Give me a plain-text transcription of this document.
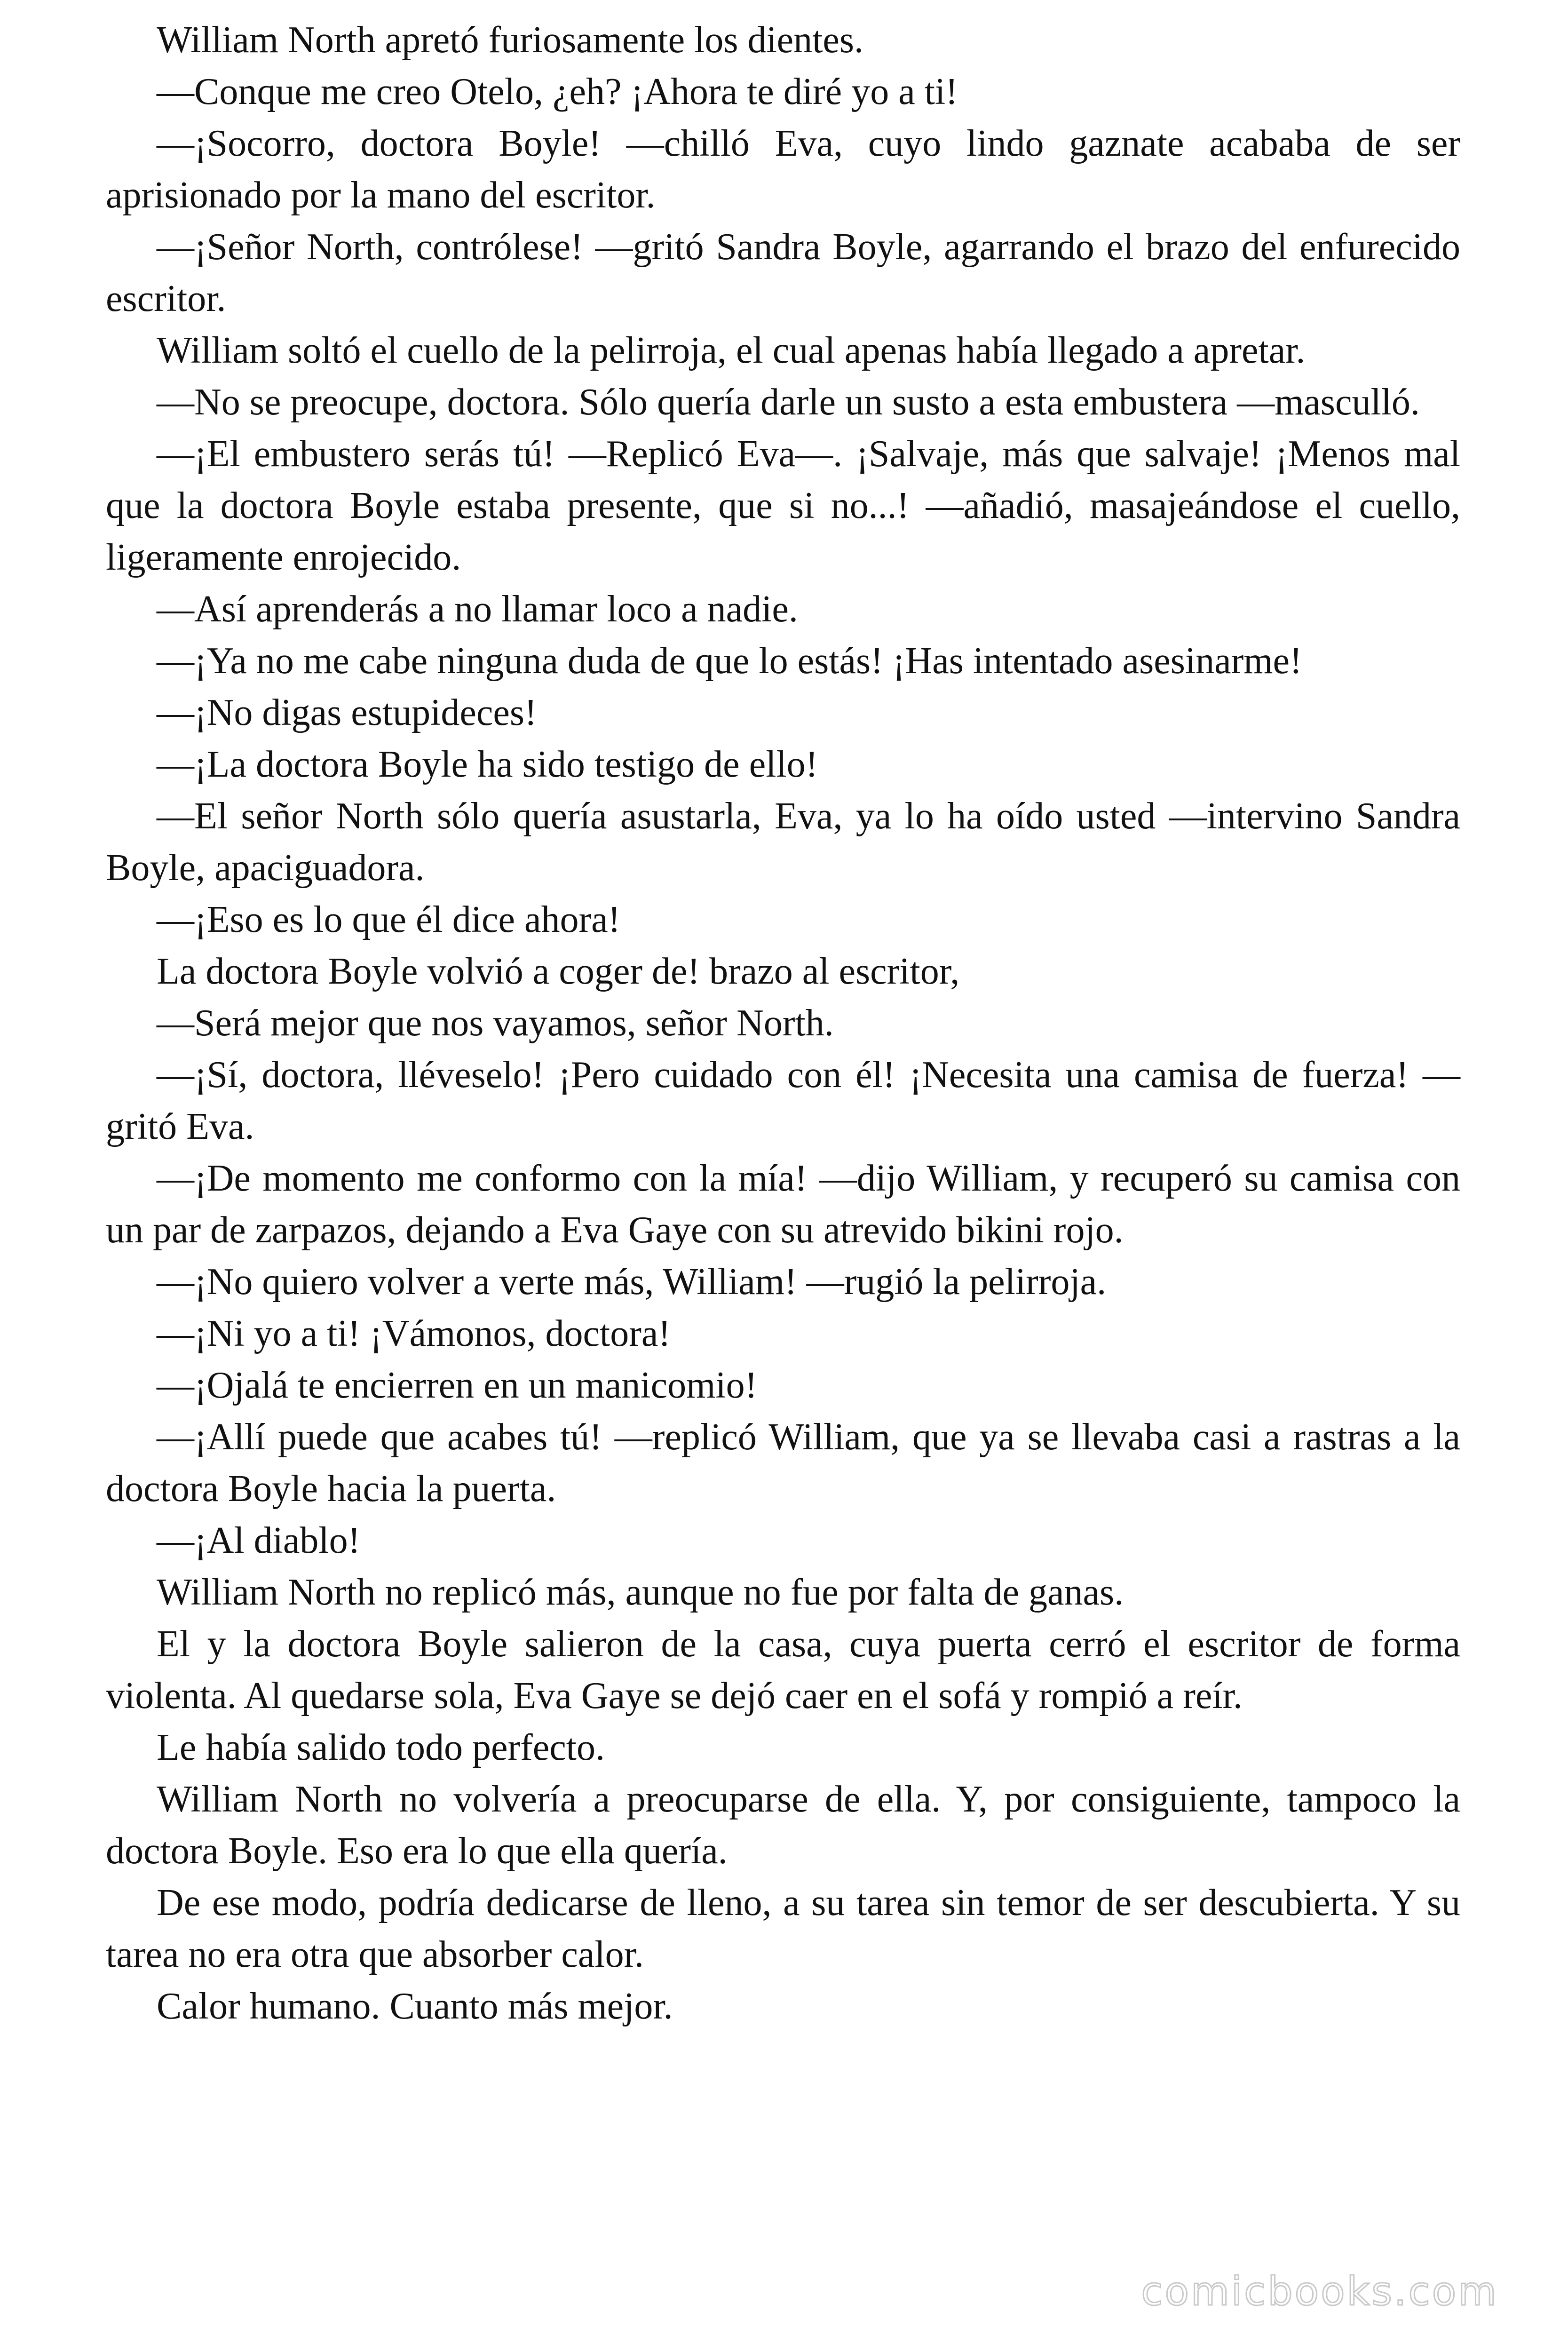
William North apretó furiosamente los dientes.

—Conque me creo Otelo, ¿eh? ¡Ahora te diré yo a ti!

—¡Socorro, doctora Boyle! —chilló Eva, cuyo lindo gaznate acababa de ser aprisionado por la mano del escritor.

—¡Señor North, contrólese! —gritó Sandra Boyle, agarrando el brazo del enfurecido escritor.

William soltó el cuello de la pelirroja, el cual apenas había llegado a apretar.

—No se preocupe, doctora. Sólo quería darle un susto a esta embustera —masculló.

—¡El embustero serás tú! —Replicó Eva—. ¡Salvaje, más que salvaje! ¡Menos mal que la doctora Boyle estaba presente, que si no...! —añadió, masajeándose el cuello, ligeramente enrojecido.

—Así aprenderás a no llamar loco a nadie.

—¡Ya no me cabe ninguna duda de que lo estás! ¡Has intentado asesinarme!

—¡No digas estupideces!

—¡La doctora Boyle ha sido testigo de ello!

—El señor North sólo quería asustarla, Eva, ya lo ha oído usted —intervino Sandra Boyle, apaciguadora.

—¡Eso es lo que él dice ahora!

La doctora Boyle volvió a coger de! brazo al escritor,

—Será mejor que nos vayamos, señor North.

—¡Sí, doctora, lléveselo! ¡Pero cuidado con él! ¡Necesita una camisa de fuerza! —gritó Eva.

—¡De momento me conformo con la mía! —dijo William, y recuperó su camisa con un par de zarpazos, dejando a Eva Gaye con su atrevido bikini rojo.

—¡No quiero volver a verte más, William! —rugió la pelirroja.

—¡Ni yo a ti! ¡Vámonos, doctora!

—¡Ojalá te encierren en un manicomio!

—¡Allí puede que acabes tú! —replicó William, que ya se llevaba casi a rastras a la doctora Boyle hacia la puerta.

—¡Al diablo!

William North no replicó más, aunque no fue por falta de ganas.

El y la doctora Boyle salieron de la casa, cuya puerta cerró el escritor de forma violenta. Al quedarse sola, Eva Gaye se dejó caer en el sofá y rompió a reír.

Le había salido todo perfecto.

William North no volvería a preocuparse de ella. Y, por consiguiente, tampoco la doctora Boyle. Eso era lo que ella quería.

De ese modo, podría dedicarse de lleno, a su tarea sin temor de ser descubierta. Y su tarea no era otra que absorber calor.

Calor humano. Cuanto más mejor.

comicbooks.com
